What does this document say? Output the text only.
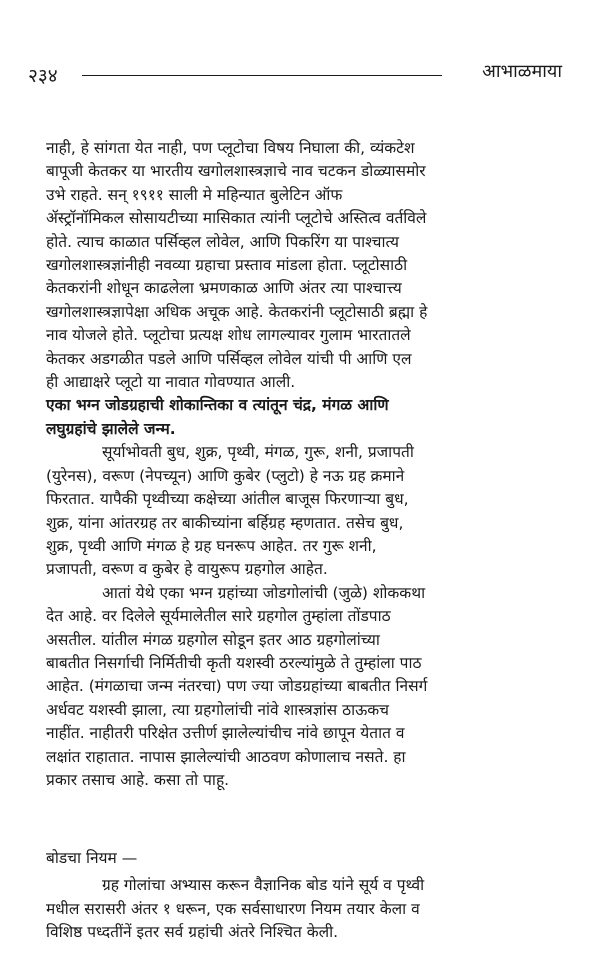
२३४	आभाळमाया

नाही, हे सांगता येत नाही, पण प्लूटोचा विषय निघाला की, व्यंकटेश
बापूजी केतकर या भारतीय खगोलशास्त्रज्ञाचे नाव चटकन डोळ्यासमोर
उभे राहते. सन् १९११ साली मे महिन्यात बुलेटिन ऑफ
ॲस्ट्रॉनॉमिकल सोसायटीच्या मासिकात त्यांनी प्लूटोचे अस्तित्व वर्तविले
होते. त्याच काळात पर्सिव्हल लोवेल, आणि पिकरिंग या पाश्चात्य
खगोलशास्त्रज्ञांनीही नवव्या ग्रहाचा प्रस्ताव मांडला होता. प्लूटोसाठी
केतकरांनी शोधून काढलेला भ्रमणकाळ आणि अंतर त्या पाश्चात्त्य
खगोलशास्त्रज्ञापेक्षा अधिक अचूक आहे. केतकरांनी प्लूटोसाठी ब्रह्मा हे
नाव योजले होते. प्लूटोचा प्रत्यक्ष शोध लागल्यावर गुलाम भारतातले
केतकर अडगळीत पडले आणि पर्सिव्हल लोवेल यांची पी आणि एल
ही आद्याक्षरे प्लूटो या नावात गोवण्यात आली.

एका भग्न जोडग्रहाची शोकान्तिका व त्यांतून चंद्र, मंगळ आणि
लघुग्रहांचे झालेले जन्म.

सूर्याभोवती बुध, शुक्र, पृथ्वी, मंगळ, गुरू, शनी, प्रजापती
(युरेनस), वरूण (नेपच्यून) आणि कुबेर (प्लुटो) हे नऊ ग्रह क्रमाने
फिरतात. यापैकी पृथ्वीच्या कक्षेच्या आंतील बाजूस फिरणाऱ्या बुध,
शुक्र, यांना आंतरग्रह तर बाकीच्यांना बर्हिग्रह म्हणतात. तसेच बुध,
शुक्र, पृथ्वी आणि मंगळ हे ग्रह घनरूप आहेत. तर गुरू शनी,
प्रजापती, वरूण व कुबेर हे वायुरूप ग्रहगोल आहेत.

आतां येथे एका भग्न ग्रहांच्या जोडगोलांची (जुळे) शोककथा
देत आहे. वर दिलेले सूर्यमालेतील सारे ग्रहगोल तुम्हांला तोंडपाठ
असतील. यांतील मंगळ ग्रहगोल सोडून इतर आठ ग्रहगोलांच्या
बाबतीत निसर्गाची निर्मितीची कृती यशस्वी ठरल्यांमुळे ते तुम्हांला पाठ
आहेत. (मंगळाचा जन्म नंतरचा) पण ज्या जोडग्रहांच्या बाबतीत निसर्ग
अर्धवट यशस्वी झाला, त्या ग्रहगोलांची नांवे शास्त्रज्ञांस ठाऊकच
नाहींत. नाहीतरी परिक्षेत उत्तीर्ण झालेल्यांचीच नांवे छापून येतात व
लक्षांत राहातात. नापास झालेल्यांची आठवण कोणालाच नसते. हा
प्रकार तसाच आहे. कसा तो पाहू.

बोडचा नियम —

ग्रह गोलांचा अभ्यास करून वैज्ञानिक बोड यांने सूर्य व पृथ्वी
मधील सरासरी अंतर १ धरून, एक सर्वसाधारण नियम तयार केला व
विशिष्ठ पध्दतींनें इतर सर्व ग्रहांची अंतरे निश्चित केली.
